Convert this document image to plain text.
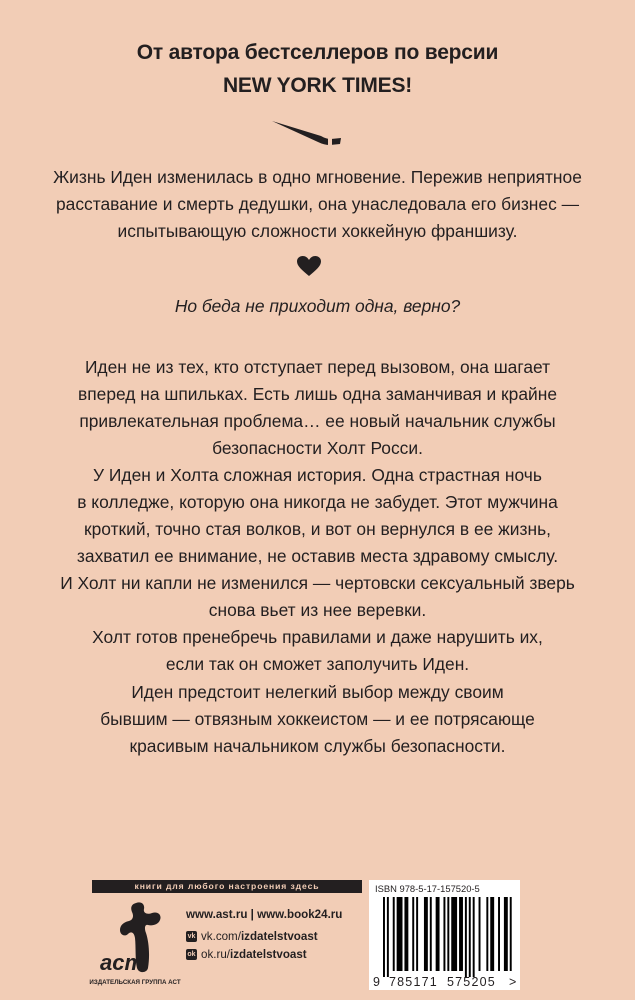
От автора бестселлеров по версии
NEW YORK TIMES!
Жизнь Иден изменилась в одно мгновение. Пережив неприятное
расставание и смерть дедушки, она унаследовала его бизнес —
испытывающую сложности хоккейную франшизу.
Но беда не приходит одна, верно?
Иден не из тех, кто отступает перед вызовом, она шагает
вперед на шпильках. Есть лишь одна заманчивая и крайне
привлекательная проблема… ее новый начальник службы
безопасности Холт Росси.
У Иден и Холта сложная история. Одна страстная ночь
в колледже, которую она никогда не забудет. Этот мужчина
кроткий, точно стая волков, и вот он вернулся в ее жизнь,
захватил ее внимание, не оставив места здравому смыслу.
И Холт ни капли не изменился — чертовски сексуальный зверь
снова вьет из нее веревки.
Холт готов пренебречь правилами и даже нарушить их,
если так он сможет заполучить Иден.
Иден предстоит нелегкий выбор между своим
бывшим — отвязным хоккеистом — и ее потрясающе
красивым начальником службы безопасности.
книги для любого настроения здесь
аст
ИЗДАТЕЛЬСКАЯ ГРУППА АСТ
www.ast.ru | www.book24.ru
vk vk.com/ izdatelstvoast
ok ok.ru/ izdatelstvoast
ISBN 978-5-17-157520-5
9 785171 575205 >
